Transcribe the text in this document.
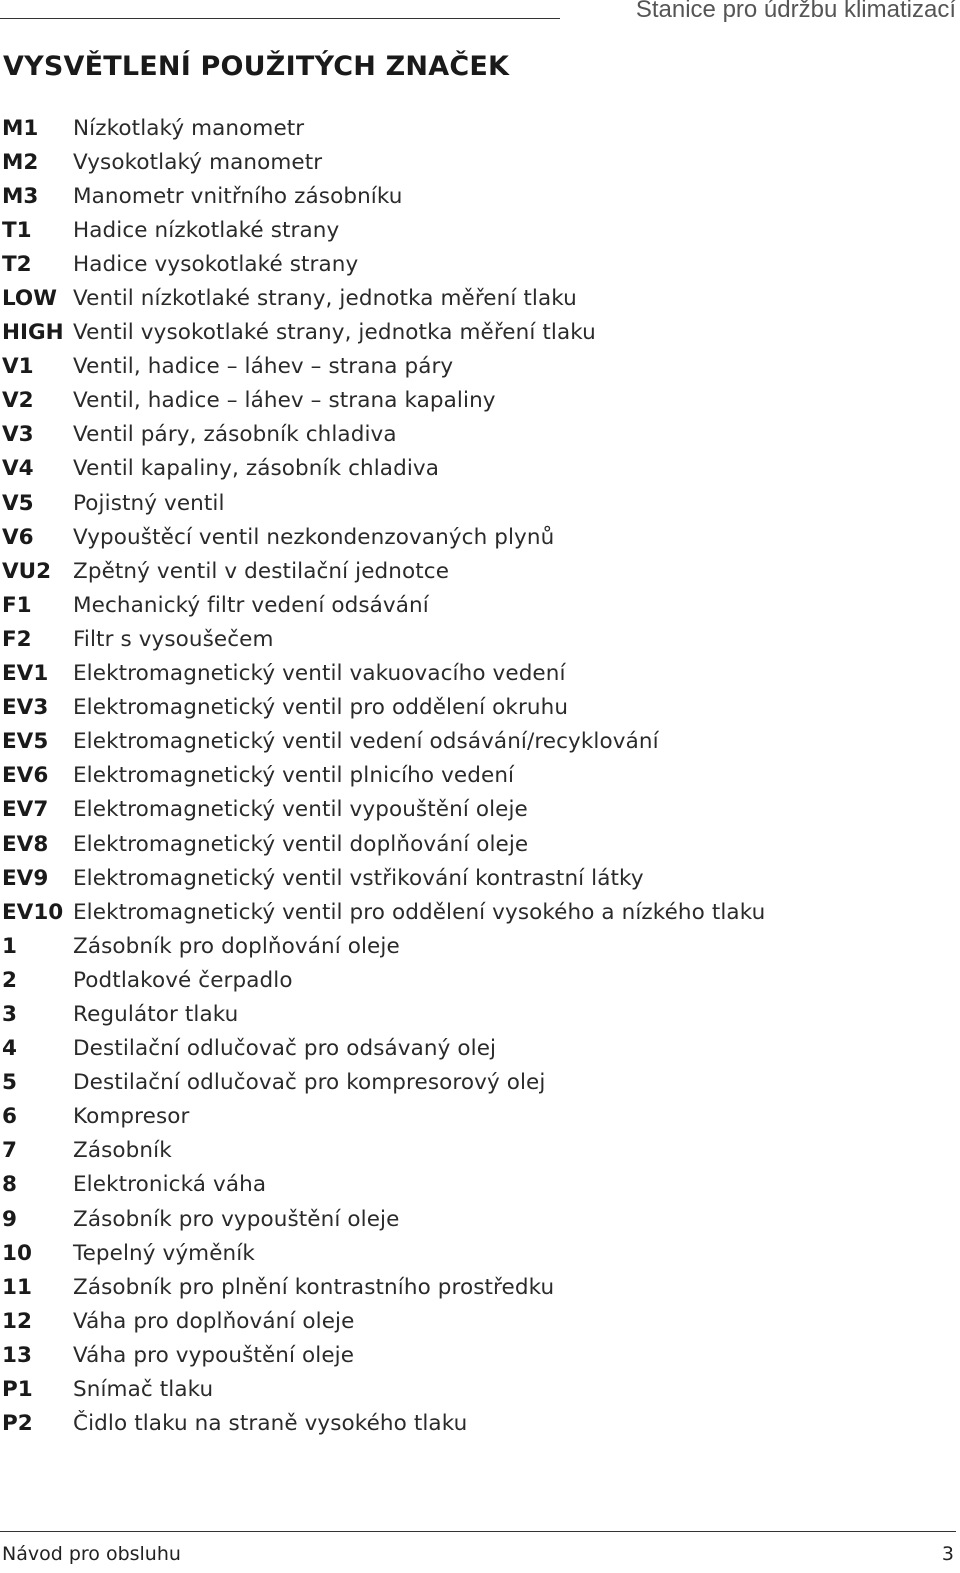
Stanice pro údržbu klimatizací
VYSVĚTLENÍ POUŽITÝCH ZNAČEK
M1	Nízkotlaký manometr
M2	Vysokotlaký manometr
M3	Manometr vnitřního zásobníku
T1	Hadice nízkotlaké strany
T2	Hadice vysokotlaké strany
LOW Ventil nízkotlaké strany, jednotka měření tlaku
HIGH Ventil vysokotlaké strany, jednotka měření tlaku
V1	Ventil, hadice – láhev – strana páry
V2	Ventil, hadice – láhev – strana kapaliny
V3	Ventil páry, zásobník chladiva
V4	Ventil kapaliny, zásobník chladiva
V5	Pojistný ventil
V6	Vypouštěcí ventil nezkondenzovaných plynů
VU2	Zpětný ventil v destilační jednotce
F1	Mechanický filtr vedení odsávání
F2	Filtr s vysoušečem
EV1	Elektromagnetický ventil vakuovacího vedení
EV3	Elektromagnetický ventil pro oddělení okruhu
EV5	Elektromagnetický ventil vedení odsávání/recyklování
EV6	Elektromagnetický ventil plnicího vedení
EV7	Elektromagnetický ventil vypouštění oleje
EV8	Elektromagnetický ventil doplňování oleje
EV9	Elektromagnetický ventil vstřikování kontrastní látky
EV10 Elektromagnetický ventil pro oddělení vysokého a nízkého tlaku
1	Zásobník pro doplňování oleje
2	Podtlakové čerpadlo
3	Regulátor tlaku
4	Destilační odlučovač pro odsávaný olej
5	Destilační odlučovač pro kompresorový olej
6	Kompresor
7	Zásobník
8	Elektronická váha
9	Zásobník pro vypouštění oleje
10	Tepelný výměník
11	Zásobník pro plnění kontrastního prostředku
12	Váha pro doplňování oleje
13	Váha pro vypouštění oleje
P1	Snímač tlaku
P2	Čidlo tlaku na straně vysokého tlaku
Návod pro obsluhu	3
